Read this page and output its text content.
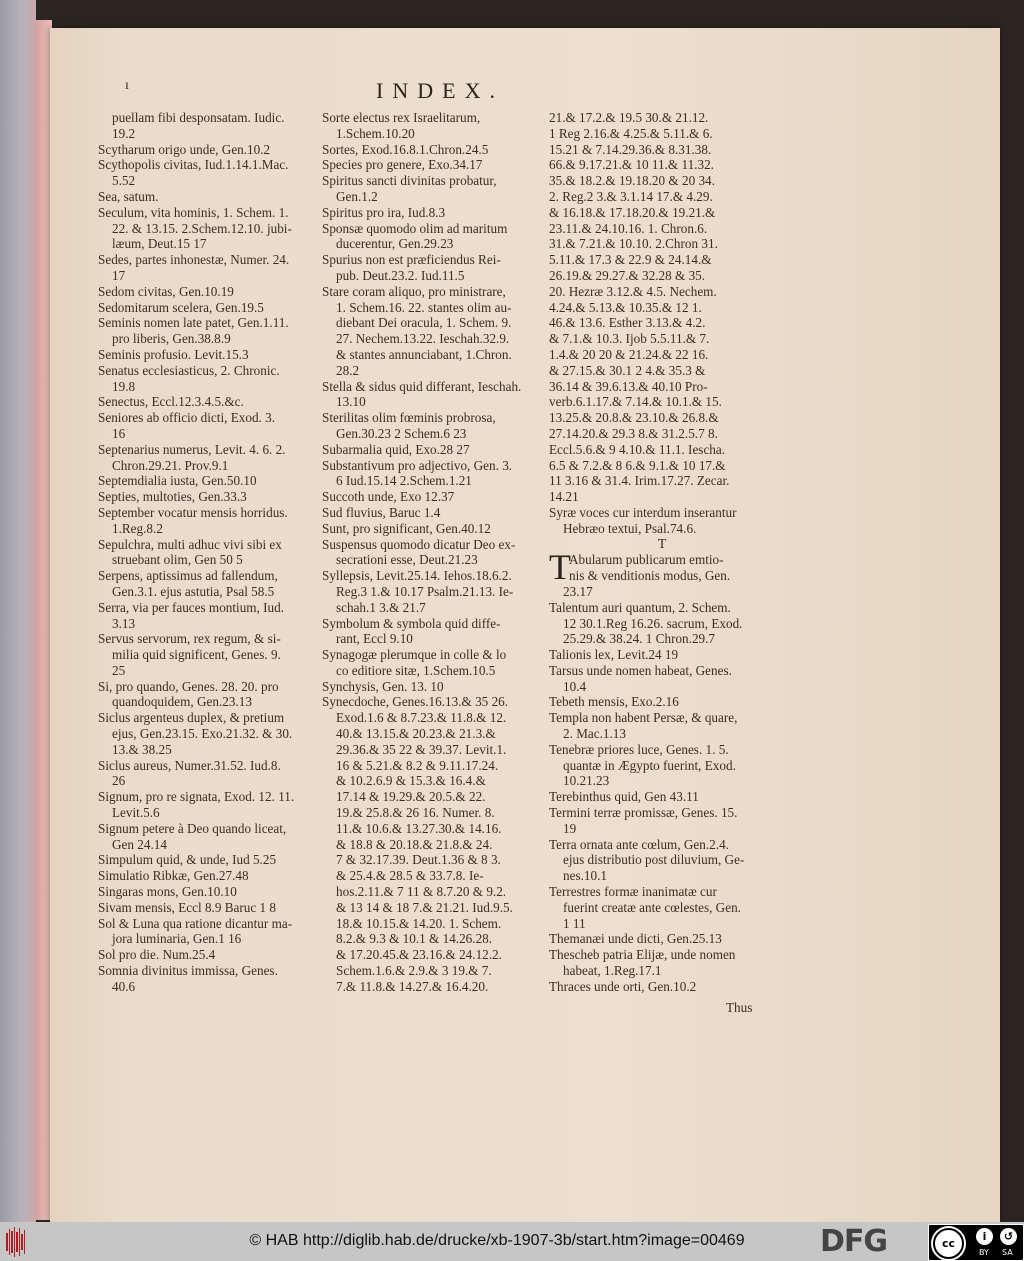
ı	INDEX.
puellam fibi desponsatam. Iudic.
19.2
Scytharum origo unde, Gen.10.2
Scythopolis civitas, Iud.1.14.1.Mac.
5.52
Sea, satum.
Seculum, vita hominis, 1. Schem. 1.
22. & 13.15. 2.Schem.12.10. jubi-
læum, Deut.15 17
Sedes, partes inhonestæ, Numer. 24.
17
Sedom civitas, Gen.10.19
Sedomitarum scelera, Gen.19.5
Seminis nomen late patet, Gen.1.11.
pro liberis, Gen.38.8.9
Seminis profusio. Levit.15.3
Senatus ecclesiasticus, 2. Chronic.
19.8
Senectus, Eccl.12.3.4.5.&c.
Seniores ab officio dicti, Exod. 3.
16
Septenarius numerus, Levit. 4. 6. 2.
Chron.29.21. Prov.9.1
Septemdialia iusta, Gen.50.10
Septies, multoties, Gen.33.3
September vocatur mensis horridus.
1.Reg.8.2
Sepulchra, multi adhuc vivi sibi ex
struebant olim, Gen 50 5
Serpens, aptissimus ad fallendum,
Gen.3.1. ejus astutia, Psal 58.5
Serra, via per fauces montium, Iud.
3.13
Servus servorum, rex regum, & si-
milia quid significent, Genes. 9.
25
Si, pro quando, Genes. 28. 20. pro
quandoquidem, Gen.23.13
Siclus argenteus duplex, & pretium
ejus, Gen.23.15. Exo.21.32. & 30.
13.& 38.25
Siclus aureus, Numer.31.52. Iud.8.
26
Signum, pro re signata, Exod. 12. 11.
Levit.5.6
Signum petere à Deo quando liceat,
Gen 24.14
Simpulum quid, & unde, Iud 5.25
Simulatio Ribkæ, Gen.27.48
Singaras mons, Gen.10.10
Sivam mensis, Eccl 8.9 Baruc 1 8
Sol & Luna qua ratione dicantur ma-
jora luminaria, Gen.1 16
Sol pro die. Num.25.4
Somnia divinitus immissa, Genes.
40.6
Sorte electus rex Israelitarum,
1.Schem.10.20
Sortes, Exod.16.8.1.Chron.24.5
Species pro genere, Exo.34.17
Spiritus sancti divinitas probatur,
Gen.1.2
Spiritus pro ira, Iud.8.3
Sponsæ quomodo olim ad maritum
ducerentur, Gen.29.23
Spurius non est præficiendus Rei-
pub. Deut.23.2. Iud.11.5
Stare coram aliquo, pro ministrare,
1. Schem.16. 22. stantes olim au-
diebant Dei oracula, 1. Schem. 9.
27. Nechem.13.22. Ieschah.32.9.
& stantes annunciabant, 1.Chron.
28.2
Stella & sidus quid differant, Ieschah.
13.10
Sterilitas olim fœminis probrosa,
Gen.30.23 2 Schem.6 23
Subarmalia quid, Exo.28 27
Substantivum pro adjectivo, Gen. 3.
6 Iud.15.14 2.Schem.1.21
Succoth unde, Exo 12.37
Sud fluvius, Baruc 1.4
Sunt, pro significant, Gen.40.12
Suspensus quomodo dicatur Deo ex-
secrationi esse, Deut.21.23
Syllepsis, Levit.25.14. Iehos.18.6.2.
Reg.3 1.& 10.17 Psalm.21.13. Ie-
schah.1 3.& 21.7
Symbolum & symbola quid diffe-
rant, Eccl 9.10
Synagogæ plerumque in colle & lo
co editiore sitæ, 1.Schem.10.5
Synchysis, Gen. 13. 10
Synecdoche, Genes.16.13.& 35 26.
Exod.1.6 & 8.7.23.& 11.8.& 12.
40.& 13.15.& 20.23.& 21.3.&
29.36.& 35 22 & 39.37. Levit.1.
16 & 5.21.& 8.2 & 9.11.17.24.
& 10.2.6.9 & 15.3.& 16.4.&
17.14 & 19.29.& 20.5.& 22.
19.& 25.8.& 26 16. Numer. 8.
11.& 10.6.& 13.27.30.& 14.16.
& 18.8 & 20.18.& 21.8.& 24.
7 & 32.17.39. Deut.1.36 & 8 3.
& 25.4.& 28.5 & 33.7.8. Ie-
hos.2.11.& 7 11 & 8.7.20 & 9.2.
& 13 14 & 18 7.& 21.21. Iud.9.5.
18.& 10.15.& 14.20. 1. Schem.
8.2.& 9.3 & 10.1 & 14.26.28.
& 17.20.45.& 23.16.& 24.12.2.
Schem.1.6.& 2.9.& 3 19.& 7.
7.& 11.8.& 14.27.& 16.4.20.
21.& 17.2.& 19.5 30.& 21.12.
1 Reg 2.16.& 4.25.& 5.11.& 6.
15.21 & 7.14.29.36.& 8.31.38.
66.& 9.17.21.& 10 11.& 11.32.
35.& 18.2.& 19.18.20 & 20 34.
2. Reg.2 3.& 3.1.14 17.& 4.29.
& 16.18.& 17.18.20.& 19.21.&
23.11.& 24.10.16. 1. Chron.6.
31.& 7.21.& 10.10. 2.Chron 31.
5.11.& 17.3 & 22.9 & 24.14.&
26.19.& 29.27.& 32.28 & 35.
20. Hezræ 3.12.& 4.5. Nechem.
4.24.& 5.13.& 10.35.& 12 1.
46.& 13.6. Esther 3.13.& 4.2.
& 7.1.& 10.3. Ijob 5.5.11.& 7.
1.4.& 20 20 & 21.24.& 22 16.
& 27.15.& 30.1 2 4.& 35.3 &
36.14 & 39.6.13.& 40.10 Pro-
verb.6.1.17.& 7.14.& 10.1.& 15.
13.25.& 20.8.& 23.10.& 26.8.&
27.14.20.& 29.3 8.& 31.2.5.7 8.
Eccl.5.6.& 9 4.10.& 11.1. Ieschа.
6.5 & 7.2.& 8 6.& 9.1.& 10 17.&
11 3.16 & 31.4. Irim.17.27. Zecar.
14.21
Syræ voces cur interdum inserantur
Hebræo textui, Psal.74.6.
T
T
Abularum publicarum emtio-
nis & venditionis modus, Gen.
23.17
Talentum auri quantum, 2. Schem.
12 30.1.Reg 16.26. sacrum, Exod.
25.29.& 38.24. 1 Chron.29.7
Talionis lex, Levit.24 19
Tarsus unde nomen habeat, Genes.
10.4
Tebeth mensis, Exo.2.16
Templa non habent Persæ, & quare,
2. Mac.1.13
Tenebræ priores luce, Genes. 1. 5.
quantæ in Ægypto fuerint, Exod.
10.21.23
Terebinthus quid, Gen 43.11
Termini terræ promissæ, Genes. 15.
19
Terra ornata ante cœlum, Gen.2.4.
ejus distributio post diluvium, Ge-
nes.10.1
Terrestres formæ inanimatæ cur
fuerint creatæ ante cœlestes, Gen.
1 11
Themanæi unde dicti, Gen.25.13
Thescheb patria Elijæ, unde nomen
habeat, 1.Reg.17.1
Thraces unde orti, Gen.10.2
Thus
© HAB http://diglib.hab.de/drucke/xb-1907-3b/start.htm?image=00469	DFG	cc
i	↺
BY SA
